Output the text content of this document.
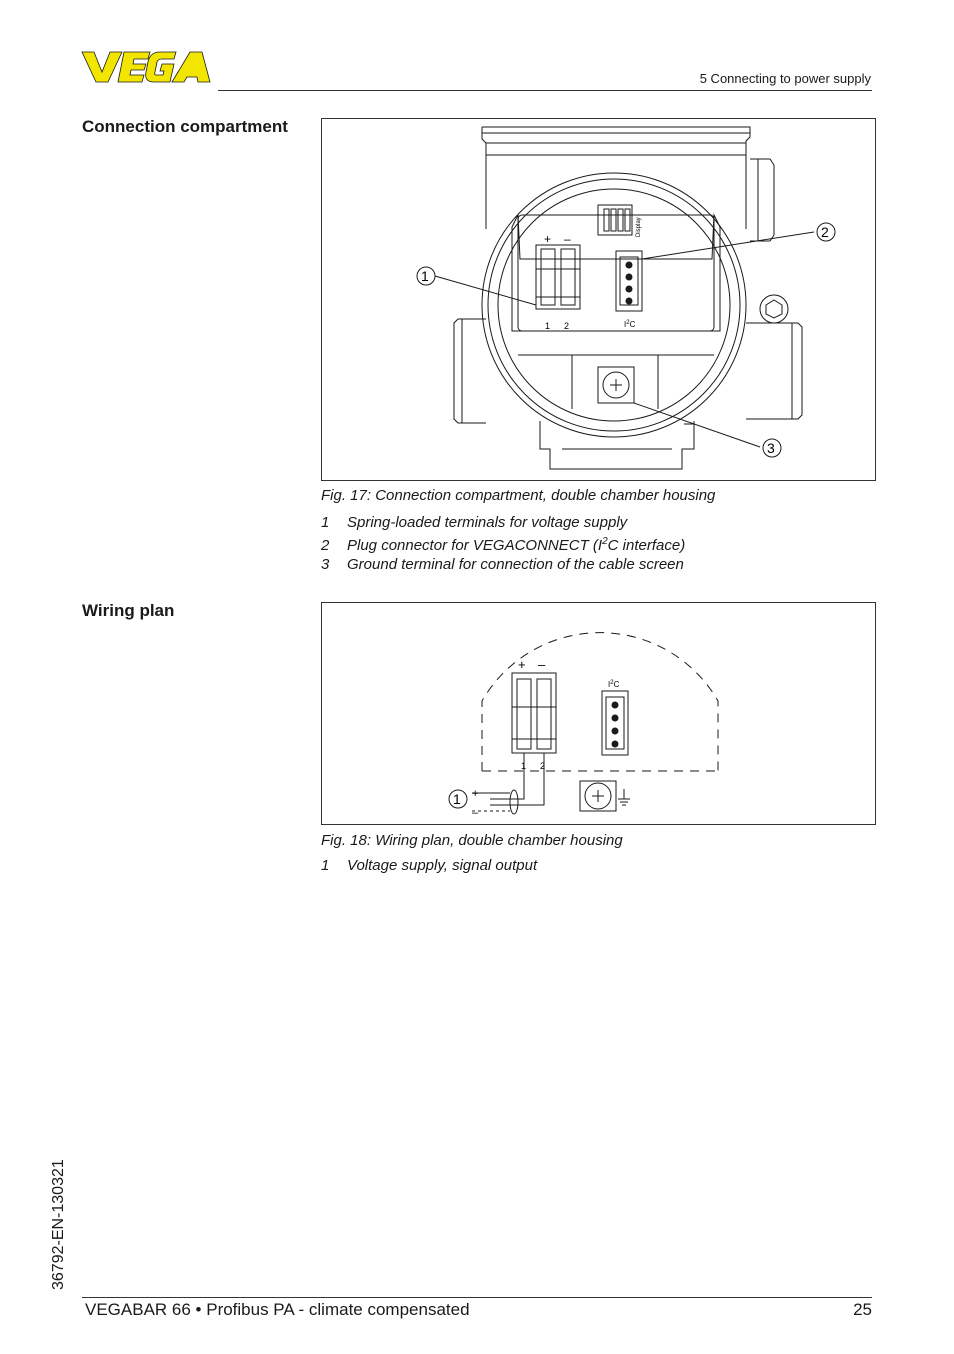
5 Connecting to power supply
Connection compartment
Display
+ –
1 2	$I^2C$
1
2
3
Fig. 17: Connection compartment, double chamber housing
1 Spring-loaded terminals for voltage supply
2 Plug connector for VEGACONNECT ($I^2C$ interface)
3 Ground terminal for connection of the cable screen
Wiring plan
+ –
$I^2C$
1 2
1 +
–
Fig. 18: Wiring plan, double chamber housing
1 Voltage supply, signal output
36792-EN-130321
VEGABAR 66 • Profibus PA - climate compensated	25
